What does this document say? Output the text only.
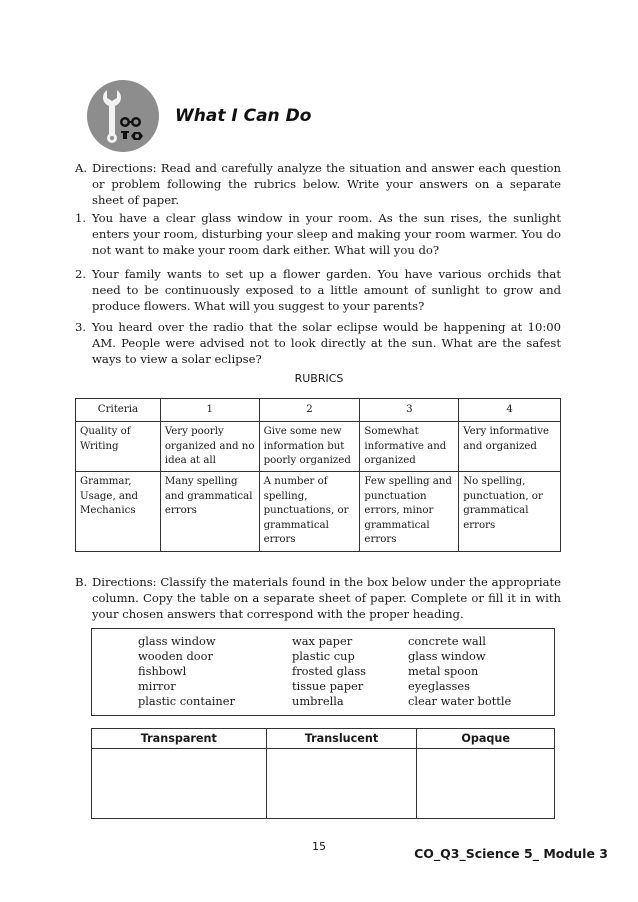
What I Can Do
A. Directions: Read and carefully analyze the situation and answer each question or problem following the rubrics below. Write your answers on a separate sheet of paper.
1. You have a clear glass window in your room. As the sun rises, the sunlight enters your room, disturbing your sleep and making your room warmer. You do not want to make your room dark either. What will you do?
2. Your family wants to set up a flower garden. You have various orchids that need to be continuously exposed to a little amount of sunlight to grow and produce flowers. What will you suggest to your parents?
3. You heard over the radio that the solar eclipse would be happening at 10:00 AM. People were advised not to look directly at the sun. What are the safest ways to view a solar eclipse?
RUBRICS
Criteria	1	2	3	4
Quality of Writing	Very poorly organized and no idea at all	Give some new information but poorly organized	Somewhat informative and organized	Very informative and organized
Grammar, Usage, and Mechanics	Many spelling and grammatical errors	A number of spelling, punctuations, or grammatical errors	Few spelling and punctuation errors, minor grammatical errors	No spelling, punctuation, or grammatical errors
B. Directions: Classify the materials found in the box below under the appropriate column. Copy the table on a separate sheet of paper. Complete or fill it in with your chosen answers that correspond with the proper heading.
glass window
wooden door
fishbowl
mirror
plastic container
wax paper
plastic cup
frosted glass
tissue paper
umbrella
concrete wall
glass window
metal spoon
eyeglasses
clear water bottle
Transparent	Translucent	Opaque

15	CO_Q3_Science 5_ Module 3
